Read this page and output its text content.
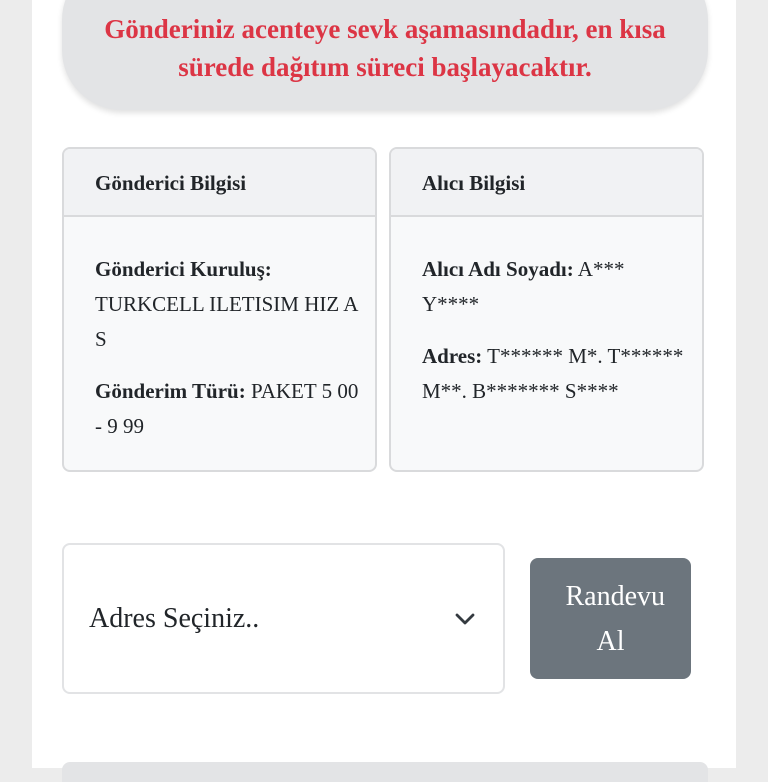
Gönderiniz acenteye sevk aşamasındadır, en kısa sürede dağıtım süreci başlayacaktır.
Gönderici Bilgisi
Gönderici Kuruluş: TURKCELL ILETISIM HIZ A S
Gönderim Türü: PAKET 5 00 - 9 99
Alıcı Bilgisi
Alıcı Adı Soyadı: A*** Y****
Adres: T****** M*. T****** M**. B******* S****
Adres Seçiniz..
Randevu Al
